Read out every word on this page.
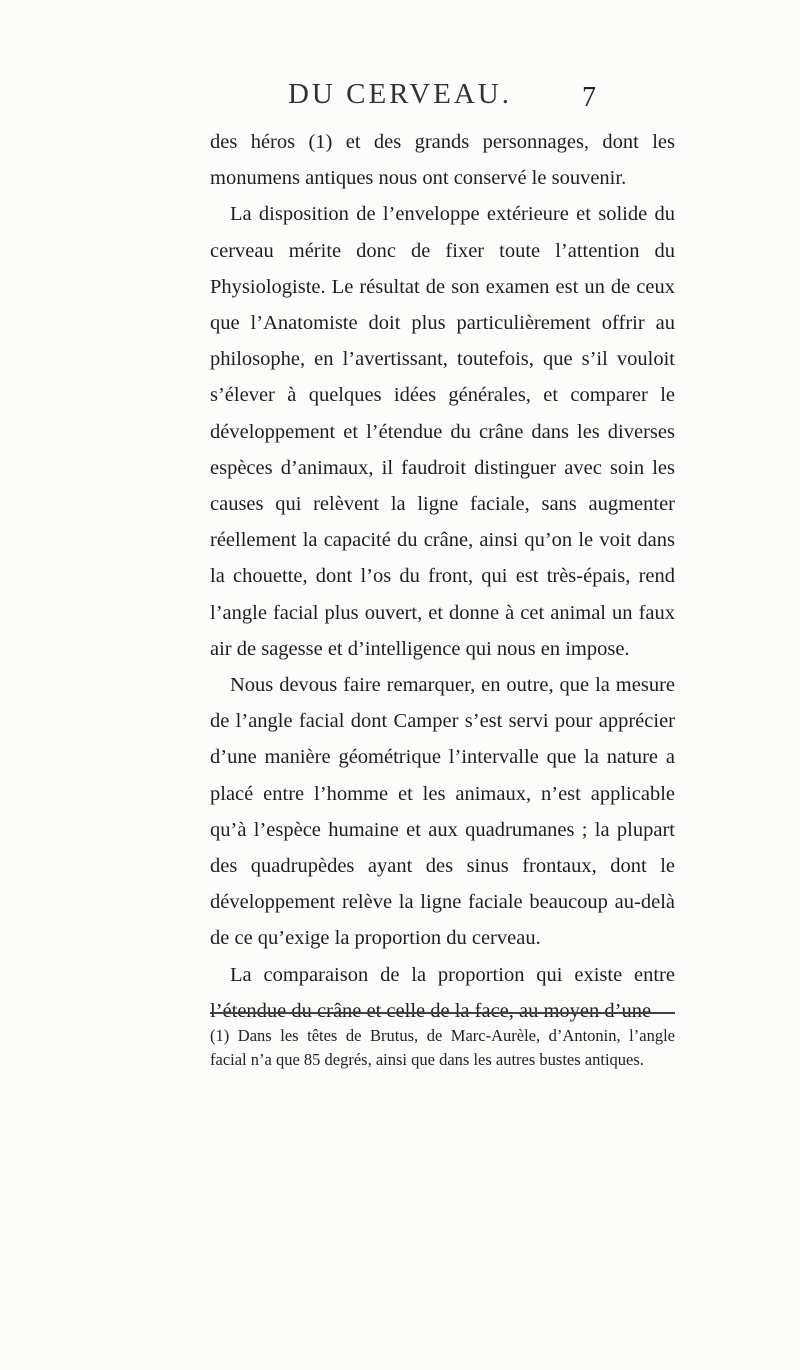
DU CERVEAU.	7

des héros (1) et des grands personnages, dont les monumens antiques nous ont conservé le souvenir.

La disposition de l’enveloppe extérieure et solide du cerveau mérite donc de fixer toute l’attention du Physiologiste. Le résultat de son examen est un de ceux que l’Anatomiste doit plus particulièrement offrir au philosophe, en l’avertissant, toutefois, que s’il vouloit s’élever à quelques idées générales, et comparer le développement et l’étendue du crâne dans les diverses espèces d’animaux, il faudroit distinguer avec soin les causes qui relèvent la ligne faciale, sans augmenter réellement la capacité du crâne, ainsi qu’on le voit dans la chouette, dont l’os du front, qui est très-épais, rend l’angle facial plus ouvert, et donne à cet animal un faux air de sagesse et d’intelligence qui nous en impose.

Nous devous faire remarquer, en outre, que la mesure de l’angle facial dont Camper s’est servi pour apprécier d’une manière géométrique l’intervalle que la nature a placé entre l’homme et les animaux, n’est applicable qu’à l’espèce humaine et aux quadrumanes ; la plupart des quadrupèdes ayant des sinus frontaux, dont le développement relève la ligne faciale beaucoup au-delà de ce qu’exige la proportion du cerveau.

La comparaison de la proportion qui existe entre l’étendue du crâne et celle de la face, au moyen d’une

(1) Dans les têtes de Brutus, de Marc-Aurèle, d’Antonin, l’angle facial n’a que 85 degrés, ainsi que dans les autres bustes antiques.
